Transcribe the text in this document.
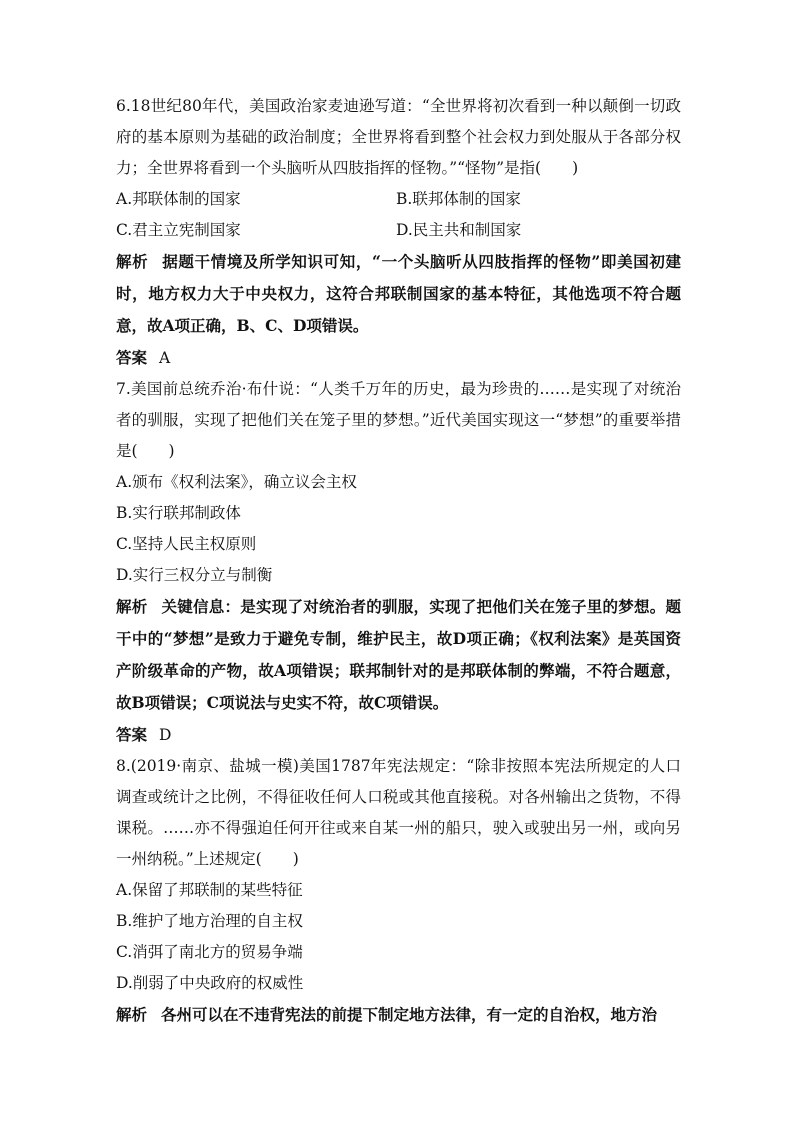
6.18世纪80年代，美国政治家麦迪逊写道：“全世界将初次看到一种以颠倒一切政府的基本原则为基础的政治制度；全世界将看到整个社会权力到处服从于各部分权力；全世界将看到一个头脑听从四肢指挥的怪物。”“怪物”是指(　　)

A.邦联体制的国家	B.联邦体制的国家
C.君主立宪制国家	D.民主共和制国家

解析 据题干情境及所学知识可知，“一个头脑听从四肢指挥的怪物”即美国初建时，地方权力大于中央权力，这符合邦联制国家的基本特征，其他选项不符合题意，故A项正确，B、C、D项错误。

答案 A

7.美国前总统乔治·布什说：“人类千万年的历史，最为珍贵的……是实现了对统治者的驯服，实现了把他们关在笼子里的梦想。”近代美国实现这一“梦想”的重要举措是(　　)

A.颁布《权利法案》，确立议会主权

B.实行联邦制政体

C.坚持人民主权原则

D.实行三权分立与制衡

解析 关键信息：是实现了对统治者的驯服，实现了把他们关在笼子里的梦想。题干中的“梦想”是致力于避免专制，维护民主，故D项正确；《权利法案》是英国资产阶级革命的产物，故A项错误；联邦制针对的是邦联体制的弊端，不符合题意，故B项错误；C项说法与史实不符，故C项错误。

答案 D

8.(2019·南京、盐城一模)美国1787年宪法规定：“除非按照本宪法所规定的人口调查或统计之比例，不得征收任何人口税或其他直接税。对各州输出之货物，不得课税。……亦不得强迫任何开往或来自某一州的船只，驶入或驶出另一州，或向另一州纳税。”上述规定(　　)

A.保留了邦联制的某些特征

B.维护了地方治理的自主权

C.消弭了南北方的贸易争端

D.削弱了中央政府的权威性

解析 各州可以在不违背宪法的前提下制定地方法律，有一定的自治权，地方治
